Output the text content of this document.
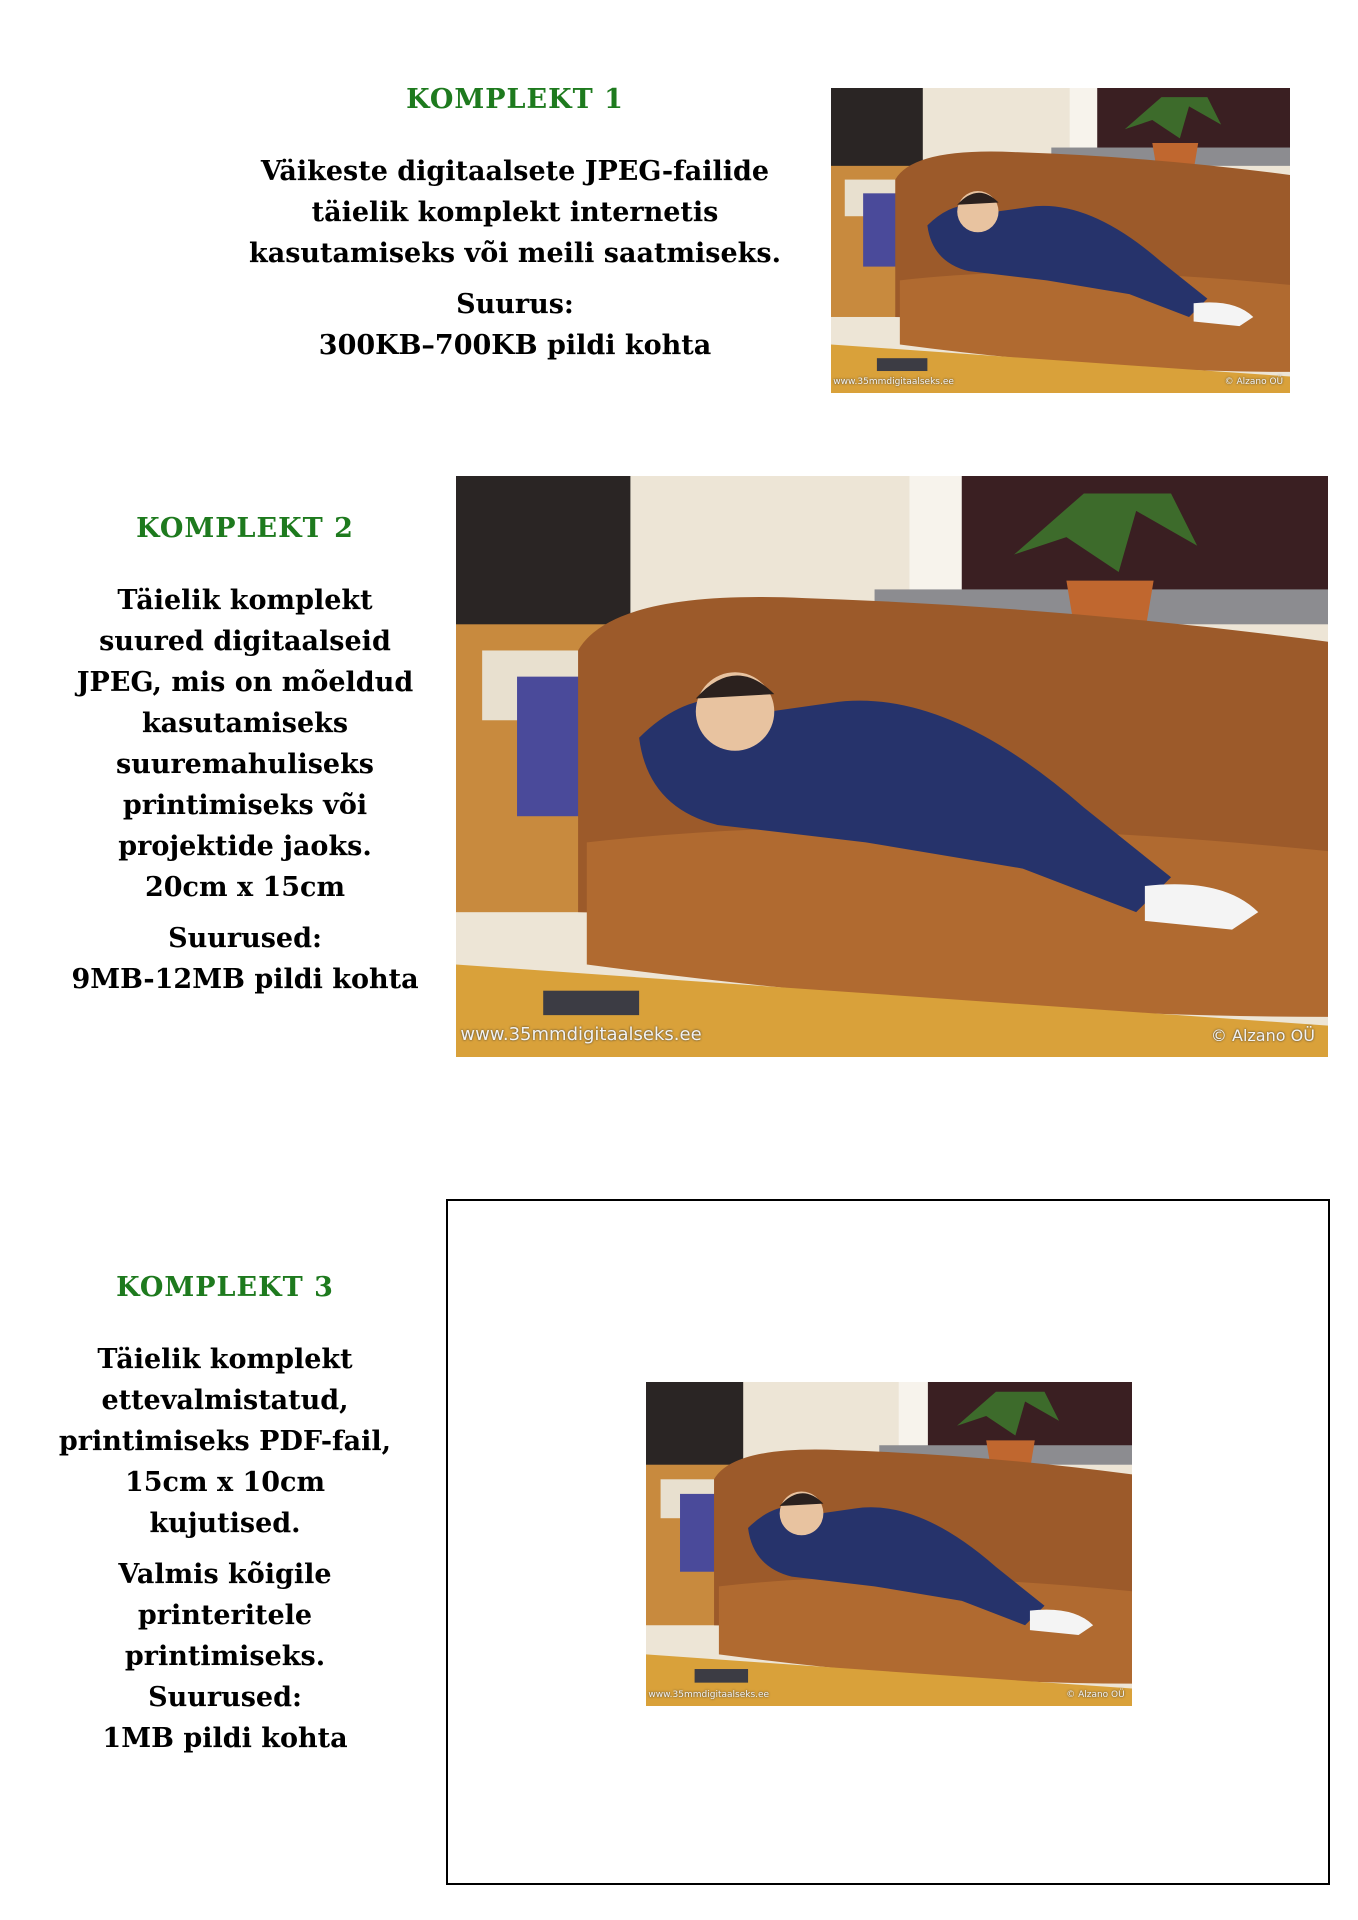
KOMPLEKT 1

Väikeste digitaalsete JPEG-failide

täielik komplekt internetis

kasutamiseks või meili saatmiseks.

Suurus:

300KB–700KB pildi kohta

www.35mmdigitaalseks.ee	© Alzano OÜ

KOMPLEKT 2

Täielik komplekt

suured digitaalseid

JPEG, mis on mõeldud

kasutamiseks

suuremahuliseks

printimiseks või

projektide jaoks.

20cm x 15cm

Suurused:

9MB-12MB pildi kohta

www.35mmdigitaalseks.ee	© Alzano OÜ

KOMPLEKT 3

Täielik komplekt

ettevalmistatud,

printimiseks PDF-fail,

15cm x 10cm

kujutised.

Valmis kõigile

printeritele

printimiseks.

Suurused:

1MB pildi kohta

www.35mmdigitaalseks.ee	© Alzano OÜ
